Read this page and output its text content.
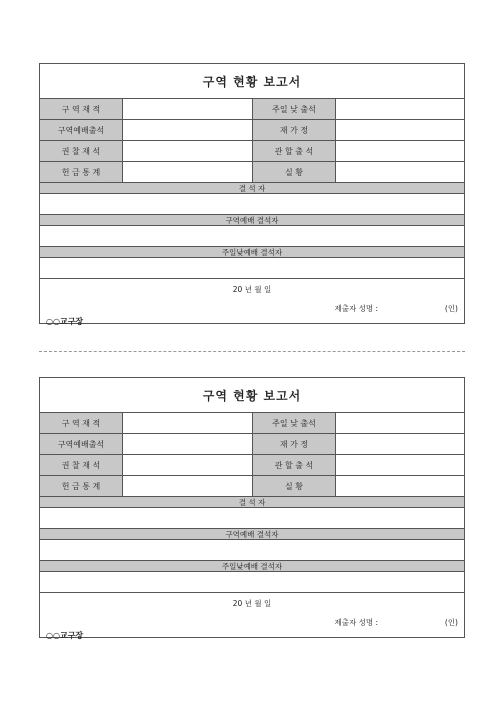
구역 현황 보고서
구 역 재 적	주일 낮 출석
구역예배출석	재 가 정
권 찰 재 석	관 할 출 석
헌 금 통 계	실 황
결 석 자
구역예배 결석자
주일낮예배 결석자
20 년 월 일
제출자 성명 :	(인)
○○교구장
구역 현황 보고서
구 역 재 적	주일 낮 출석
구역예배출석	재 가 정
권 찰 재 석	관 할 출 석
헌 금 통 계	실 황
결 석 자
구역예배 결석자
주일낮예배 결석자
20 년 월 일
제출자 성명 :	(인)
○○교구장
